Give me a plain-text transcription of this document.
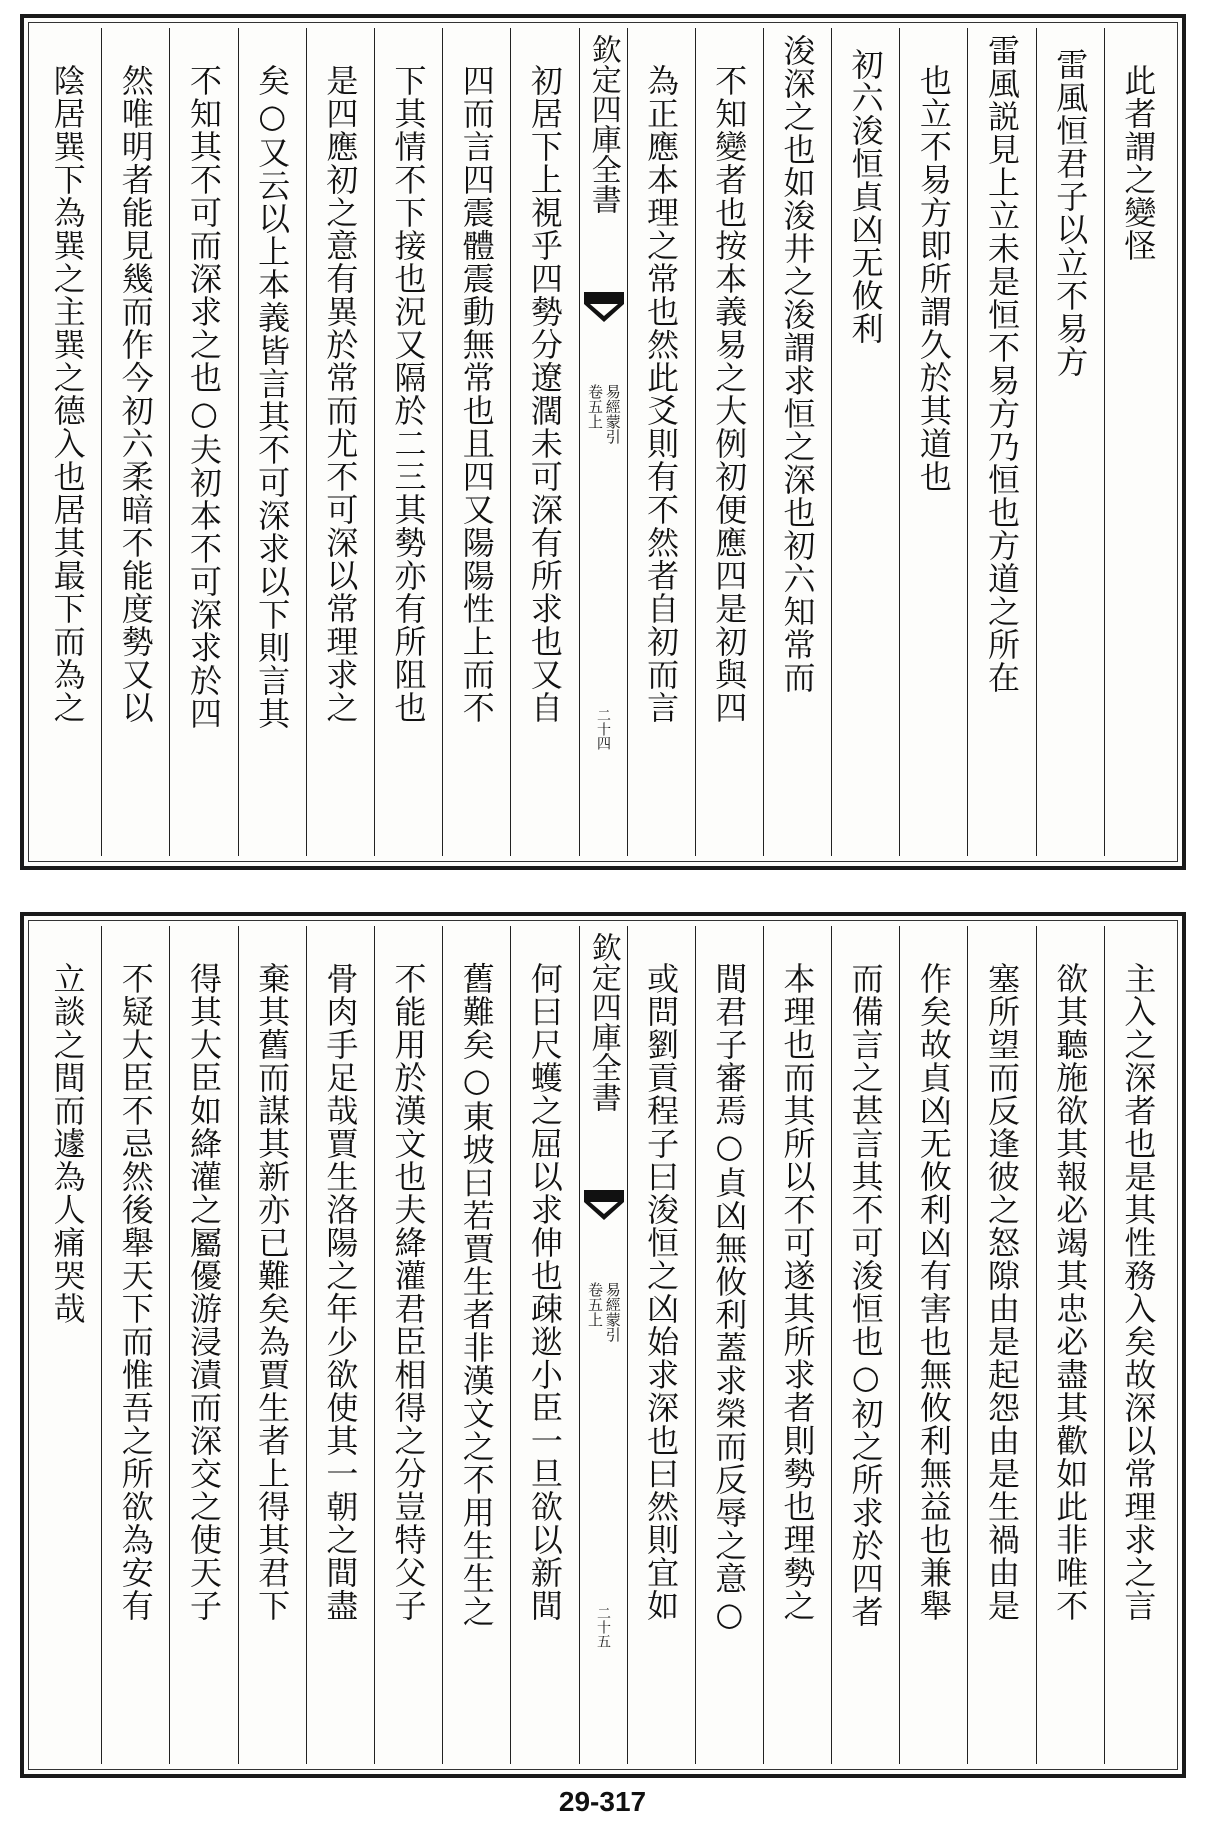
此者謂之變怪
雷風恒君子以立不易方
雷風説見上立未是恒不易方乃恒也方道之所在
也立不易方即所謂久於其道也
初六浚恒貞凶无攸利
浚深之也如浚井之浚謂求恒之深也初六知常而
不知變者也按本義易之大例初便應四是初與四
為正應本理之常也然此爻則有不然者自初而言
欽定四庫全書
易經蒙引
卷五上
二十四
初居下上視乎四勢分遼濶未可深有所求也又自
四而言四震體震動無常也且四又陽陽性上而不
下其情不下接也況又隔於二三其勢亦有所阻也
是四應初之意有異於常而尤不可深以常理求之
矣○又云以上本義皆言其不可深求以下則言其
不知其不可而深求之也○夫初本不可深求於四
然唯明者能見幾而作今初六柔暗不能度勢又以
陰居巽下為巽之主巽之德入也居其最下而為之
主入之深者也是其性務入矣故深以常理求之言
欲其聽施欲其報必竭其忠必盡其歡如此非唯不
塞所望而反逢彼之怒隙由是起怨由是生禍由是
作矣故貞凶无攸利凶有害也無攸利無益也兼舉
而備言之甚言其不可浚恒也○初之所求於四者
本理也而其所以不可遂其所求者則勢也理勢之
間君子審焉○貞凶無攸利蓋求榮而反辱之意○
或問劉貢程子曰浚恒之凶始求深也曰然則宜如
欽定四庫全書
易經蒙引
卷五上
二十五
何曰尺蠖之屈以求伸也疎逖小臣一旦欲以新間
舊難矣○東坡曰若賈生者非漢文之不用生生之
不能用於漢文也夫絳灌君臣相得之分豈特父子
骨肉手足哉賈生洛陽之年少欲使其一朝之間盡
棄其舊而謀其新亦已難矣為賈生者上得其君下
得其大臣如絳灌之屬優游浸漬而深交之使天子
不疑大臣不忌然後舉天下而惟吾之所欲為安有
立談之間而遽為人痛哭哉
29-317
